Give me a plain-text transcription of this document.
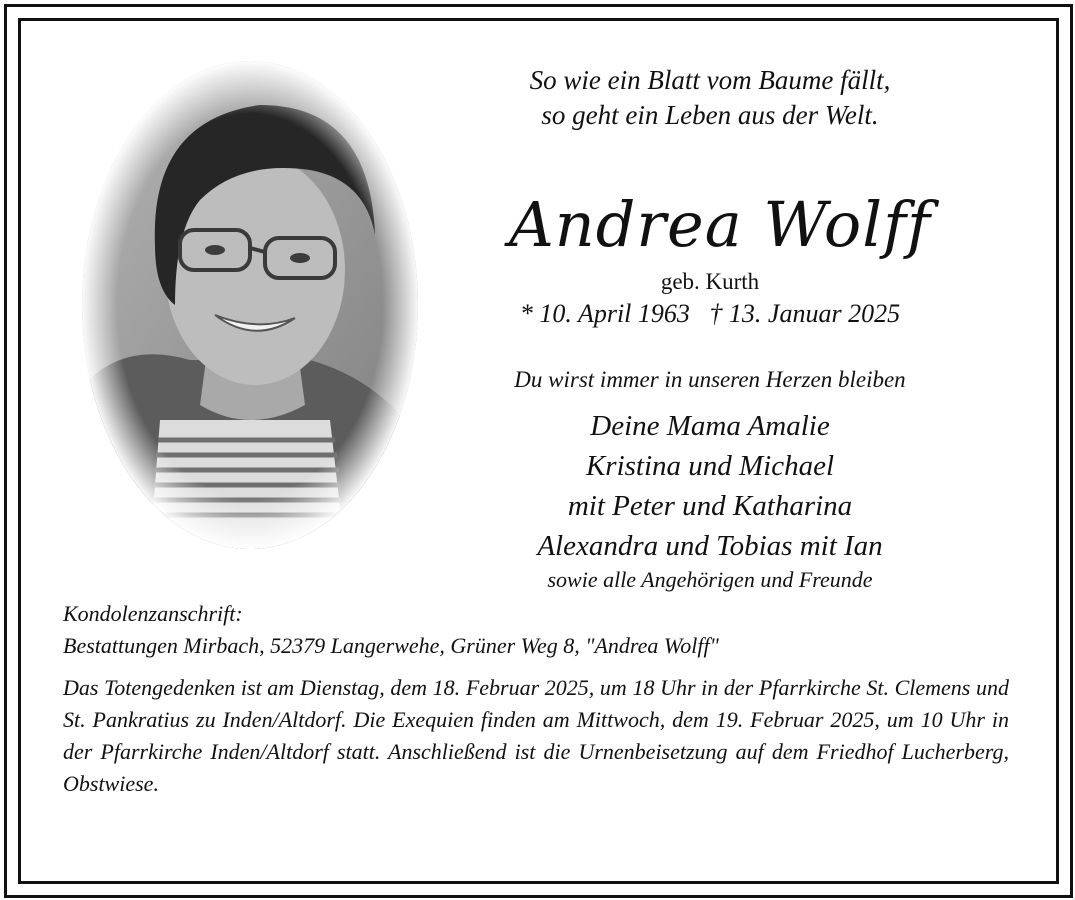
So wie ein Blatt vom Baume fällt,
so geht ein Leben aus der Welt.
Andrea Wolff
geb. Kurth
* 10. April 1963 † 13. Januar 2025
Du wirst immer in unseren Herzen bleiben
Deine Mama Amalie
Kristina und Michael
mit Peter und Katharina
Alexandra und Tobias mit Ian
sowie alle Angehörigen und Freunde
Kondolenzanschrift:
Bestattungen Mirbach, 52379 Langerwehe, Grüner Weg 8, "Andrea Wolff"
Das Totengedenken ist am Dienstag, dem 18. Februar 2025, um 18 Uhr in der Pfarrkirche St. Clemens und St. Pankratius zu Inden/Altdorf. Die Exequien finden am Mittwoch, dem 19. Februar 2025, um 10 Uhr in der Pfarrkirche Inden/Altdorf statt. Anschließend ist die Urnenbeisetzung auf dem Friedhof Lucherberg, Obstwiese.
